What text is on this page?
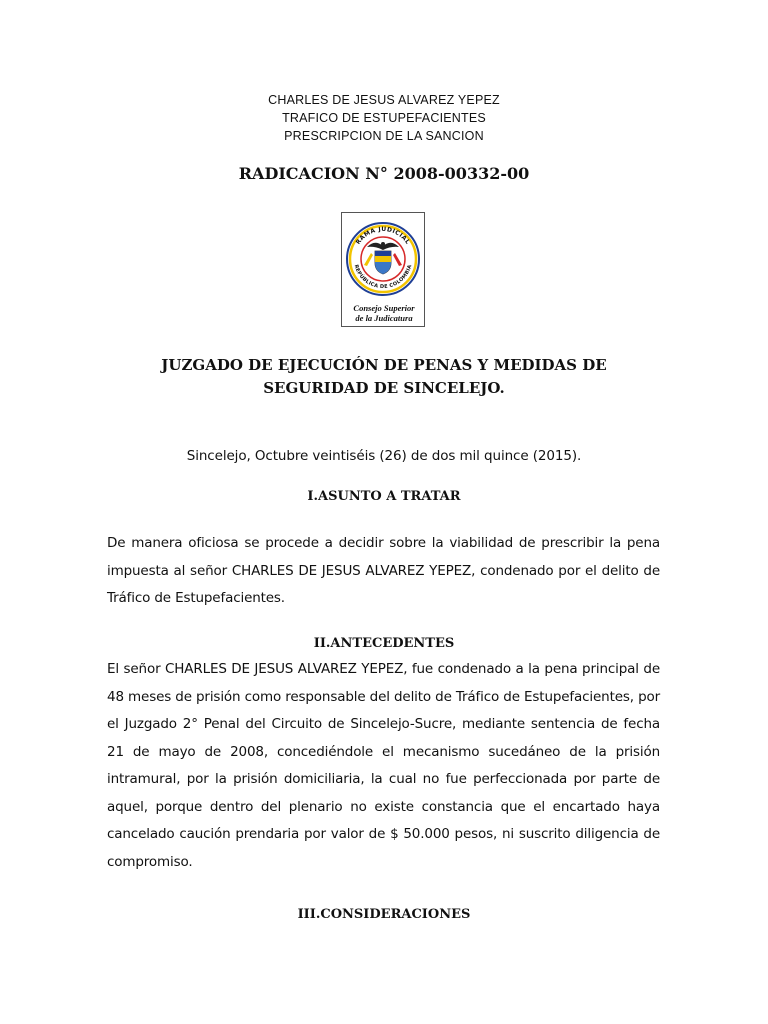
CHARLES DE JESUS ALVAREZ YEPEZ
TRAFICO DE ESTUPEFACIENTES
PRESCRIPCION DE LA SANCION
RADICACION N° 2008-00332-00
RAMA JUDICIAL
REPÚBLICA DE COLOMBIA
Consejo Superior
de la Judicatura
JUZGADO DE EJECUCIÓN DE PENAS Y MEDIDAS DE
SEGURIDAD DE SINCELEJO.
Sincelejo, Octubre veintiséis (26) de dos mil quince (2015).
I.ASUNTO A TRATAR
De manera oficiosa se procede a decidir sobre la viabilidad de prescribir la pena impuesta al señor CHARLES DE JESUS ALVAREZ YEPEZ, condenado por el delito de Tráfico de Estupefacientes.
II.ANTECEDENTES
El señor CHARLES DE JESUS ALVAREZ YEPEZ, fue condenado a la pena principal de 48 meses de prisión como responsable del delito de Tráfico de Estupefacientes, por el Juzgado 2° Penal del Circuito de Sincelejo-Sucre, mediante sentencia de fecha 21 de mayo de 2008, concediéndole el mecanismo sucedáneo de la prisión intramural, por la prisión domiciliaria, la cual no fue perfeccionada por parte de aquel, porque dentro del plenario no existe constancia que el encartado haya cancelado caución prendaria por valor de $ 50.000 pesos, ni suscrito diligencia de compromiso.
III.CONSIDERACIONES
